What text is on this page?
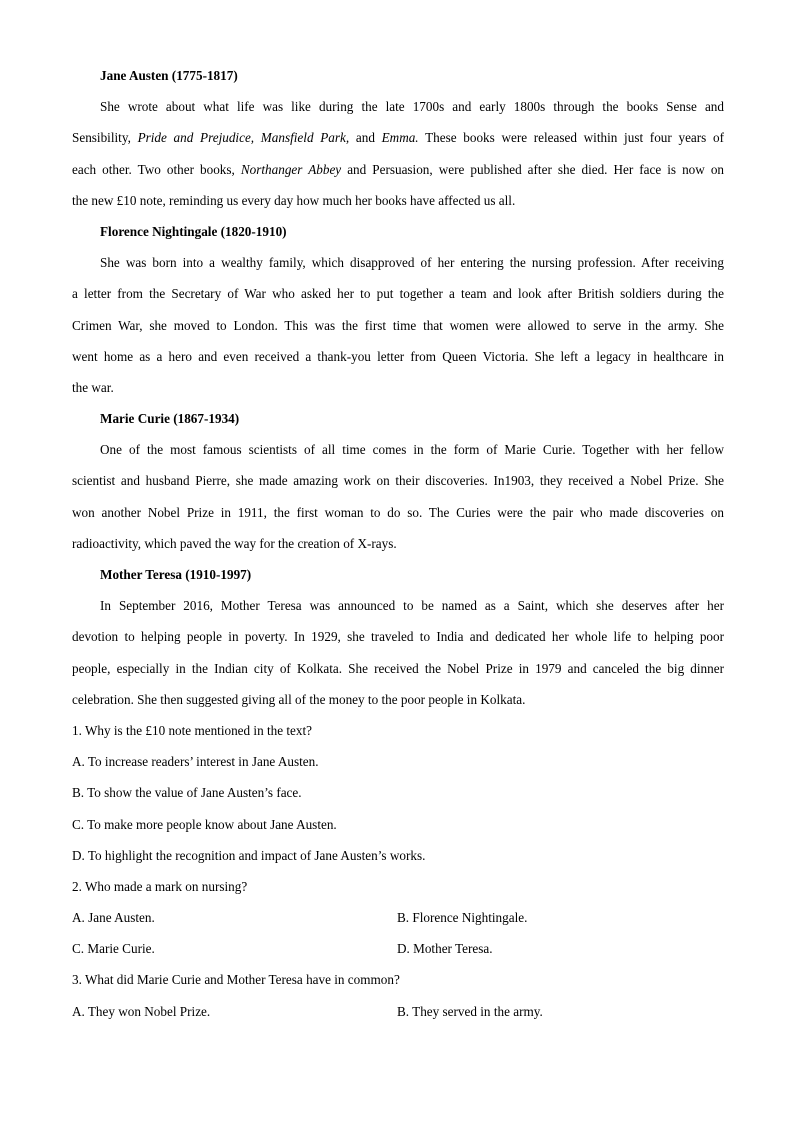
Jane Austen (1775-1817)
She wrote about what life was like during the late 1700s and early 1800s through the books Sense and
Sensibility, Pride and Prejudice, Mansfield Park, and Emma. These books were released within just four years of
each other. Two other books, Northanger Abbey and Persuasion, were published after she died. Her face is now on
the new £10 note, reminding us every day how much her books have affected us all.
Florence Nightingale (1820-1910)
She was born into a wealthy family, which disapproved of her entering the nursing profession. After receiving
a letter from the Secretary of War who asked her to put together a team and look after British soldiers during the
Crimen War, she moved to London. This was the first time that women were allowed to serve in the army. She
went home as a hero and even received a thank-you letter from Queen Victoria. She left a legacy in healthcare in
the war.
Marie Curie (1867-1934)
One of the most famous scientists of all time comes in the form of Marie Curie. Together with her fellow
scientist and husband Pierre, she made amazing work on their discoveries. In1903, they received a Nobel Prize. She
won another Nobel Prize in 1911, the first woman to do so. The Curies were the pair who made discoveries on
radioactivity, which paved the way for the creation of X-rays.
Mother Teresa (1910-1997)
In September 2016, Mother Teresa was announced to be named as a Saint, which she deserves after her
devotion to helping people in poverty. In 1929, she traveled to India and dedicated her whole life to helping poor
people, especially in the Indian city of Kolkata. She received the Nobel Prize in 1979 and canceled the big dinner
celebration. She then suggested giving all of the money to the poor people in Kolkata.
1. Why is the £10 note mentioned in the text?
A. To increase readers’ interest in Jane Austen.
B. To show the value of Jane Austen’s face.
C. To make more people know about Jane Austen.
D. To highlight the recognition and impact of Jane Austen’s works.
2. Who made a mark on nursing?
A. Jane Austen.	B. Florence Nightingale.
C. Marie Curie.	D. Mother Teresa.
3. What did Marie Curie and Mother Teresa have in common?
A. They won Nobel Prize.	B. They served in the army.
